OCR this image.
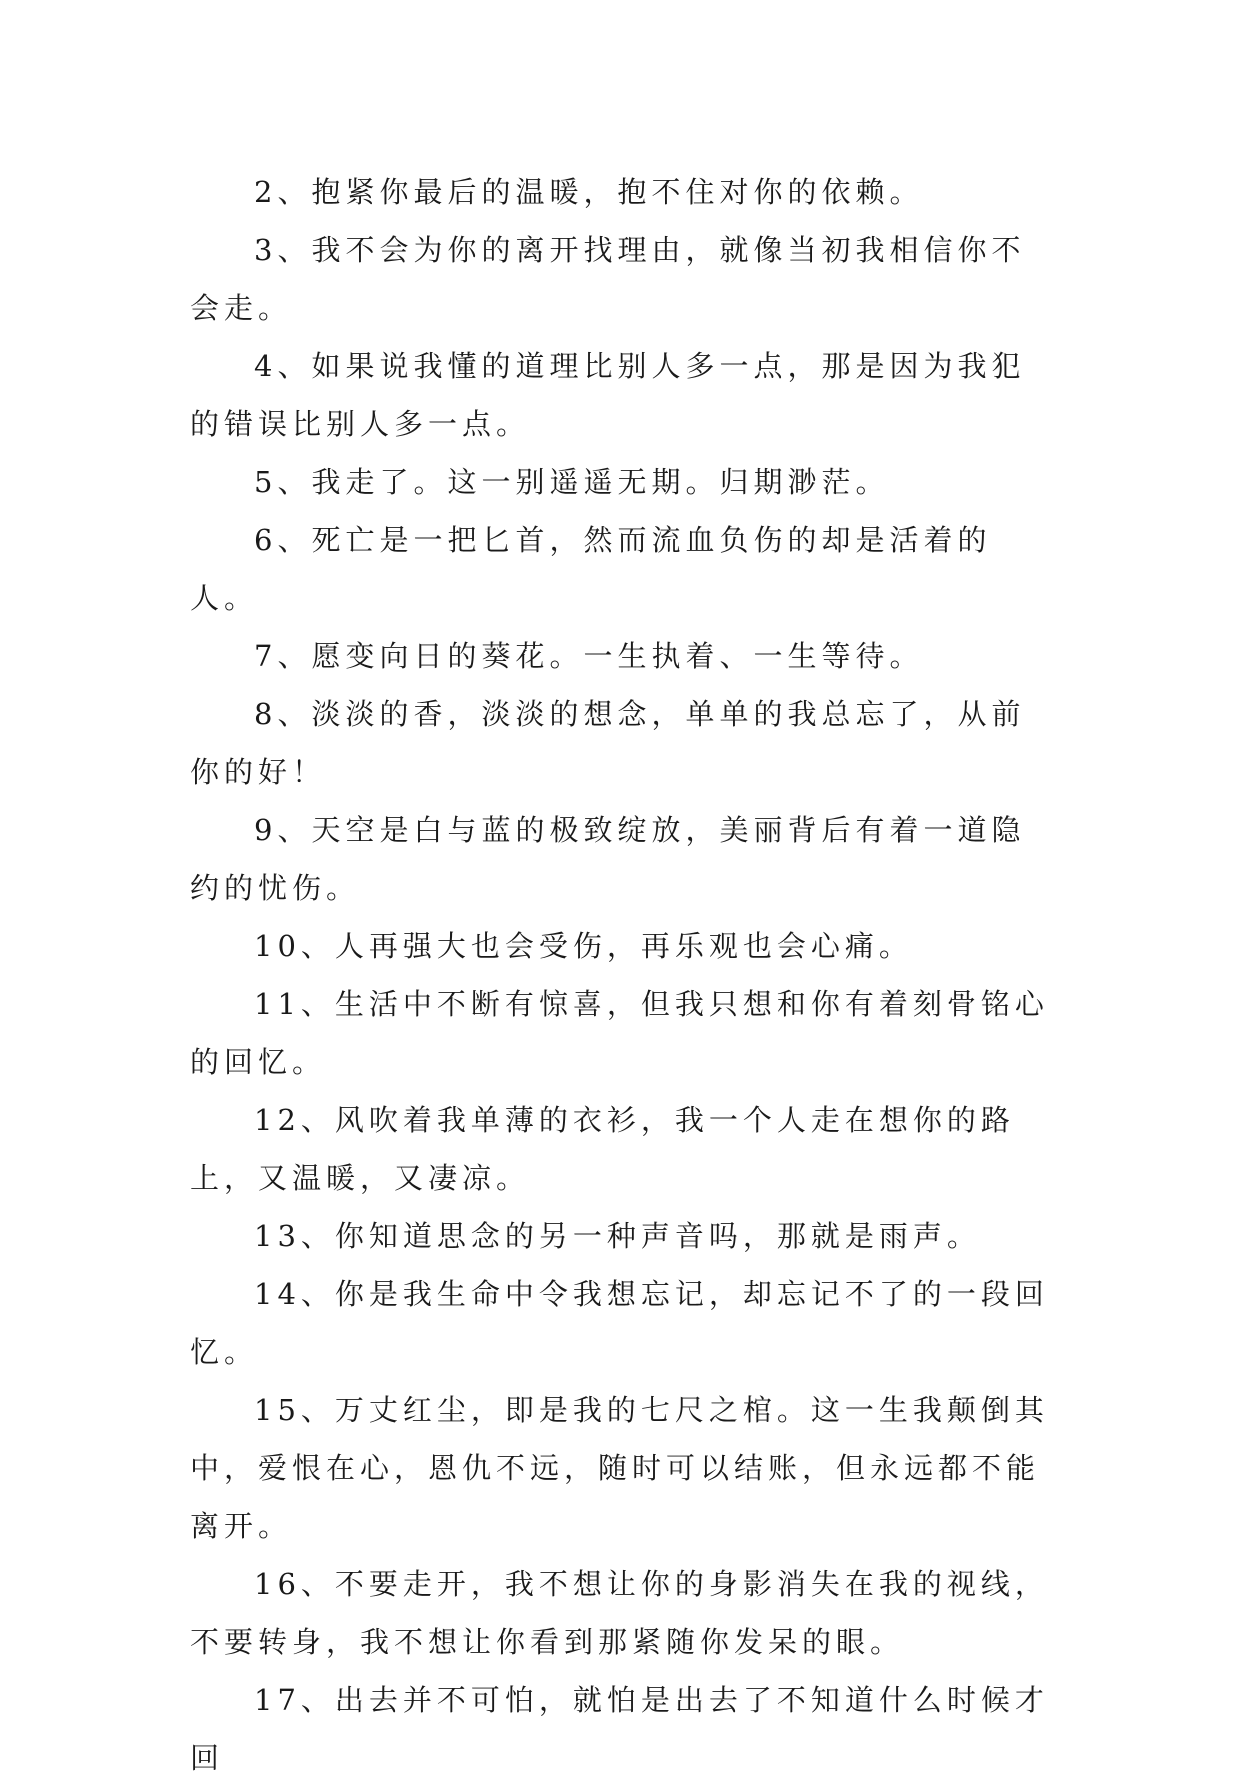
2、抱紧你最后的温暖，抱不住对你的依赖。

3、我不会为你的离开找理由，就像当初我相信你不会走。

4、如果说我懂的道理比别人多一点，那是因为我犯的错误比别人多一点。

5、我走了。这一别遥遥无期。归期渺茫。

6、死亡是一把匕首，然而流血负伤的却是活着的人。

7、愿变向日的葵花。一生执着、一生等待。

8、淡淡的香，淡淡的想念，单单的我总忘了，从前你的好！

9、天空是白与蓝的极致绽放，美丽背后有着一道隐约的忧伤。

10、人再强大也会受伤，再乐观也会心痛。

11、生活中不断有惊喜，但我只想和你有着刻骨铭心的回忆。

12、风吹着我单薄的衣衫，我一个人走在想你的路上，又温暖，又凄凉。

13、你知道思念的另一种声音吗，那就是雨声。

14、你是我生命中令我想忘记，却忘记不了的一段回忆。

15、万丈红尘，即是我的七尺之棺。这一生我颠倒其中，爱恨在心，恩仇不远，随时可以结账，但永远都不能离开。

16、不要走开，我不想让你的身影消失在我的视线，不要转身，我不想让你看到那紧随你发呆的眼。

17、出去并不可怕，就怕是出去了不知道什么时候才回
